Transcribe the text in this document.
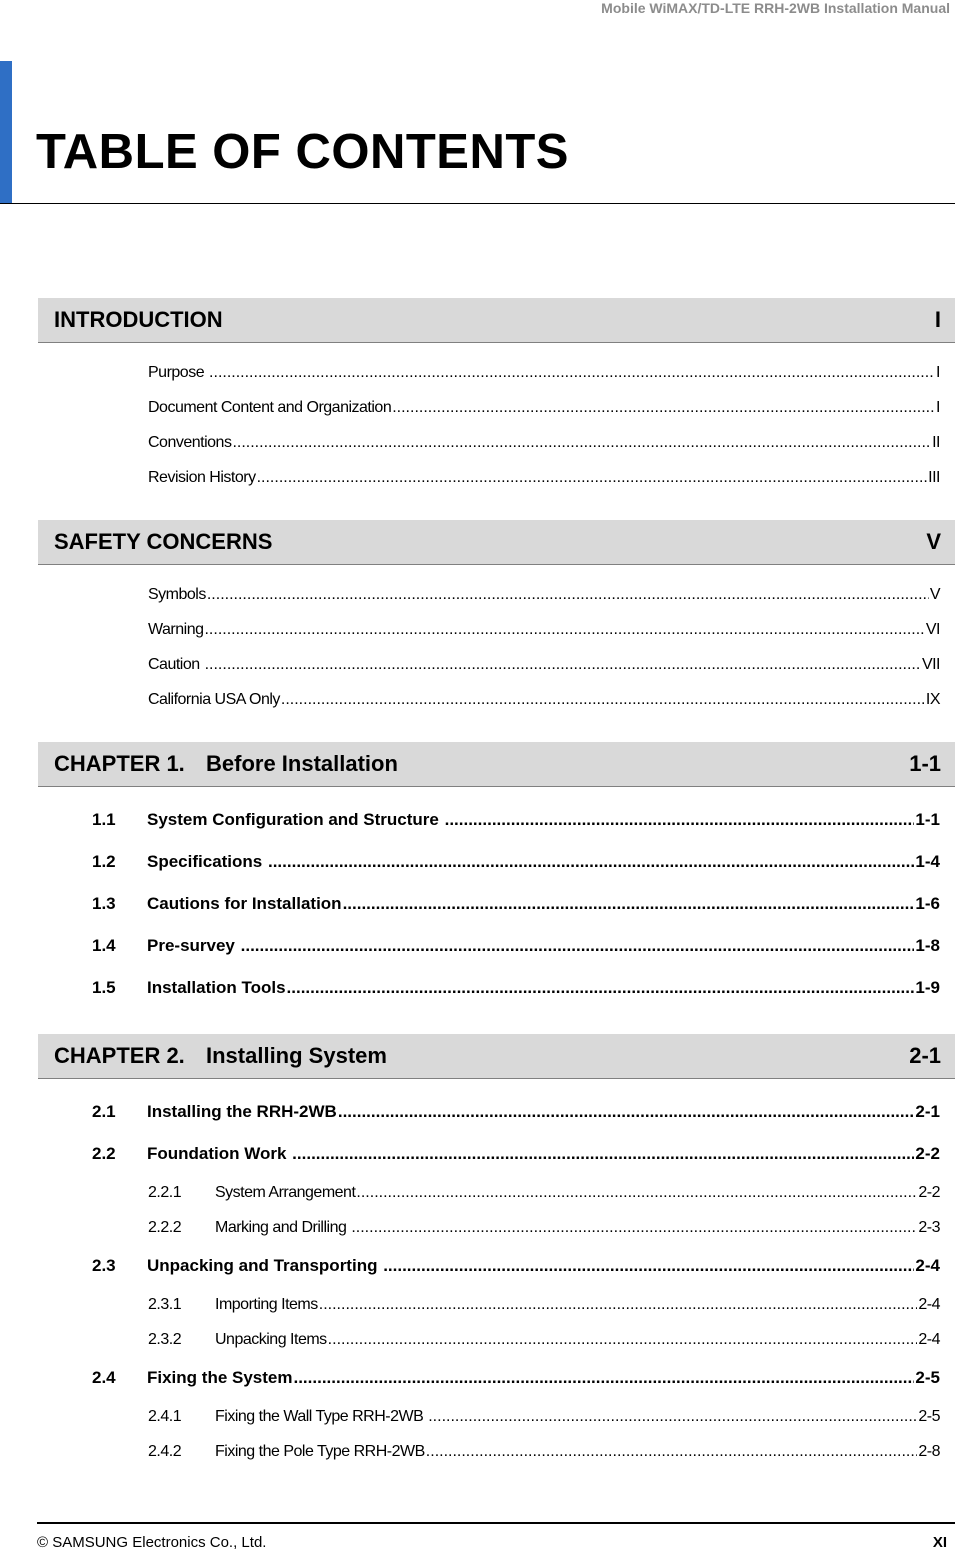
Mobile WiMAX/TD-LTE RRH-2WB Installation Manual
TABLE OF CONTENTS
INTRODUCTION	I
Purpose .....	I
Document Content and Organization .....	I
Conventions .....	II
Revision History .....	III
SAFETY CONCERNS	V
Symbols .....	V
Warning .....	VI
Caution .....	VII
California USA Only .....	IX
CHAPTER 1. Before Installation	1-1
1.1	System Configuration and Structure .....	1-1
1.2	Specifications .....	1-4
1.3	Cautions for Installation .....	1-6
1.4	Pre-survey .....	1-8
1.5	Installation Tools .....	1-9
CHAPTER 2. Installing System	2-1
2.1	Installing the RRH-2WB .....	2-1
2.2	Foundation Work .....	2-2
2.2.1	System Arrangement .....	2-2
2.2.2	Marking and Drilling .....	2-3
2.3	Unpacking and Transporting .....	2-4
2.3.1	Importing Items .....	2-4
2.3.2	Unpacking Items .....	2-4
2.4	Fixing the System .....	2-5
2.4.1	Fixing the Wall Type RRH-2WB .....	2-5
2.4.2	Fixing the Pole Type RRH-2WB .....	2-8
© SAMSUNG Electronics Co., Ltd.	XI
